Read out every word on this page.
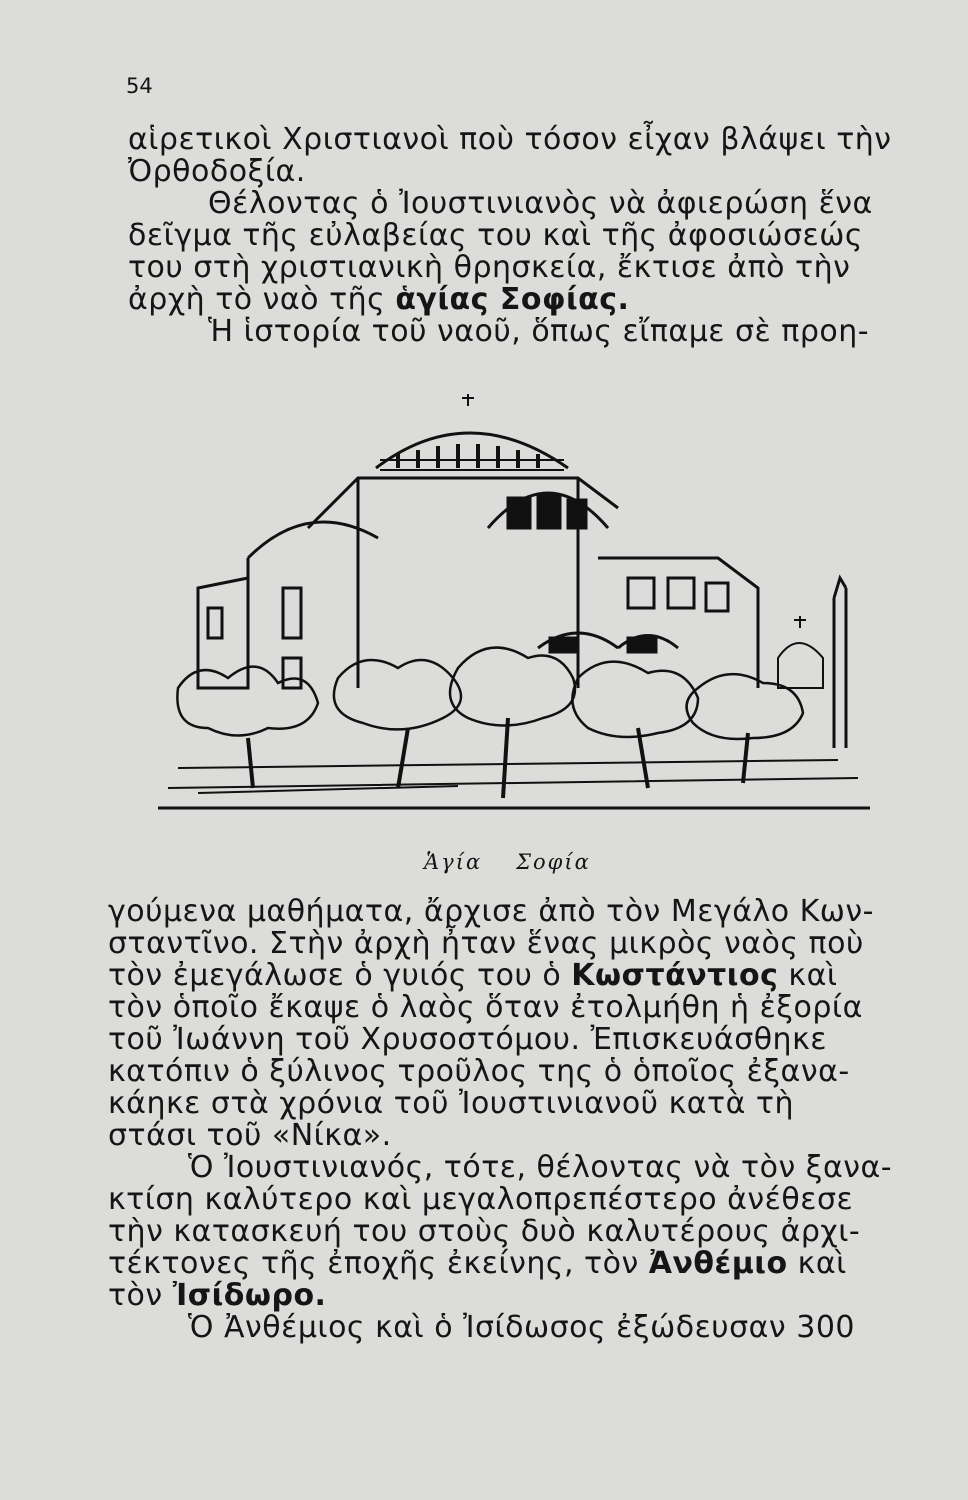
54
αἱρετικοὶ Χριστιανοὶ ποὺ τόσον εἶχαν βλάψει τὴν
Ὀρθοδοξία.
Θέλοντας ὁ Ἰουστινιανὸς νὰ ἀφιερώση ἕνα
δεῖγμα τῆς εὐλαβείας του καὶ τῆς ἀφοσιώσεώς
του στὴ χριστιανικὴ θρησκεία, ἔκτισε ἀπὸ τὴν
ἀρχὴ τὸ ναὸ τῆς ἁγίας Σοφίας.
Ἡ ἱστορία τοῦ ναοῦ, ὅπως εἴπαμε σὲ προη-
Ἁγία Σοφία
γούμενα μαθήματα, ἄρχισε ἀπὸ τὸν Μεγάλο Κων-
σταντῖνο. Στὴν ἀρχὴ ἦταν ἕνας μικρὸς ναὸς ποὺ
τὸν ἐμεγάλωσε ὁ γυιός του ὁ Κωστάντιος καὶ
τὸν ὁποῖο ἔκαψε ὁ λαὸς ὅταν ἐτολμήθη ἡ ἐξορία
τοῦ Ἰωάννη τοῦ Χρυσοστόμου. Ἐπισκευάσθηκε
κατόπιν ὁ ξύλινος τροῦλος της ὁ ὁποῖος ἐξανα-
κάηκε στὰ χρόνια τοῦ Ἰουστινιανοῦ κατὰ τὴ
στάσι τοῦ «Νίκα».
Ὁ Ἰουστινιανός, τότε, θέλοντας νὰ τὸν ξανα-
κτίση καλύτερο καὶ μεγαλοπρεπέστερο ἀνέθεσε
τὴν κατασκευή του στοὺς δυὸ καλυτέρους ἀρχι-
τέκτονες τῆς ἐποχῆς ἐκείνης, τὸν Ἀνθέμιο καὶ
τὸν Ἰσίδωρο.
Ὁ Ἀνθέμιος καὶ ὁ Ἰσίδωσος ἐξώδευσαν 300
